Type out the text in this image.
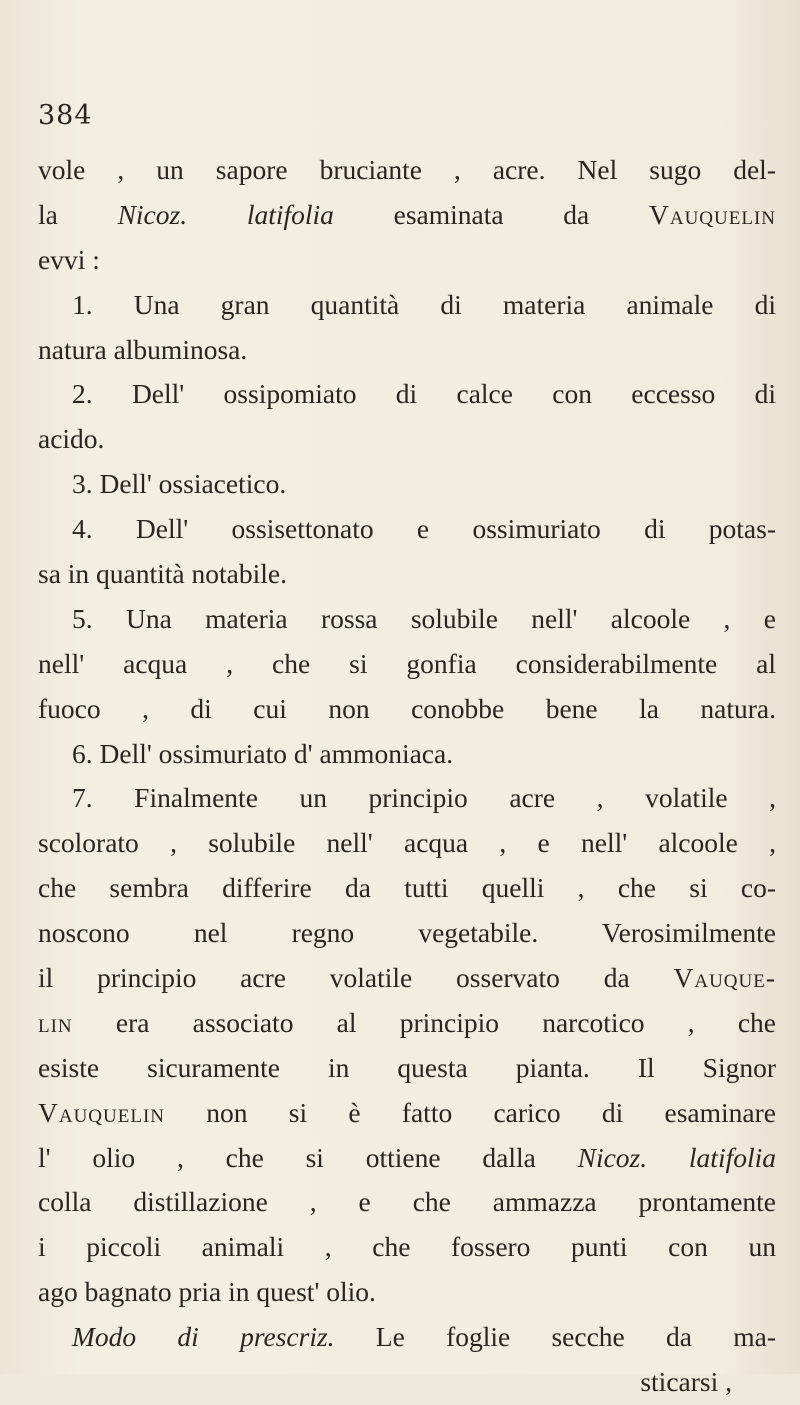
384
vole , un sapore bruciante , acre. Nel sugo del-
la Nicoz. latifolia esaminata da Vauquelin
evvi :
1. Una gran quantità di materia animale di
natura albuminosa.
2. Dell' ossipomiato di calce con eccesso di
acido.
3. Dell' ossiacetico.
4. Dell' ossisettonato e ossimuriato di potas-
sa in quantità notabile.
5. Una materia rossa solubile nell' alcoole , e
nell' acqua , che si gonfia considerabilmente al
fuoco , di cui non conobbe bene la natura.
6. Dell' ossimuriato d' ammoniaca.
7. Finalmente un principio acre , volatile ,
scolorato , solubile nell' acqua , e nell' alcoole ,
che sembra differire da tutti quelli , che si co-
noscono nel regno vegetabile. Verosimilmente
il principio acre volatile osservato da Vauque-
lin era associato al principio narcotico , che
esiste sicuramente in questa pianta. Il Signor
Vauquelin non si è fatto carico di esaminare
l' olio , che si ottiene dalla Nicoz. latifolia
colla distillazione , e che ammazza prontamente
i piccoli animali , che fossero punti con un
ago bagnato pria in quest' olio.
Modo di prescriz. Le foglie secche da ma-
sticarsi ,
